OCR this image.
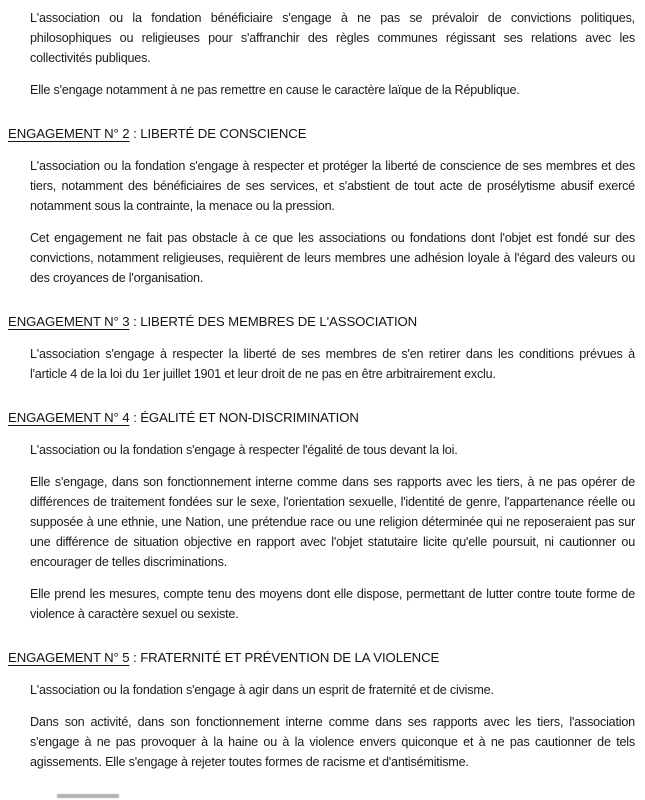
L'association ou la fondation bénéficiaire s'engage à ne pas se prévaloir de convictions politiques, philosophiques ou religieuses pour s'affranchir des règles communes régissant ses relations avec les collectivités publiques.

Elle s'engage notamment à ne pas remettre en cause le caractère laïque de la République.

ENGAGEMENT N° 2 : LIBERTÉ DE CONSCIENCE

L'association ou la fondation s'engage à respecter et protéger la liberté de conscience de ses membres et des tiers, notamment des bénéficiaires de ses services, et s'abstient de tout acte de prosélytisme abusif exercé notamment sous la contrainte, la menace ou la pression.

Cet engagement ne fait pas obstacle à ce que les associations ou fondations dont l'objet est fondé sur des convictions, notamment religieuses, requièrent de leurs membres une adhésion loyale à l'égard des valeurs ou des croyances de l'organisation.

ENGAGEMENT N° 3 : LIBERTÉ DES MEMBRES DE L'ASSOCIATION

L'association s'engage à respecter la liberté de ses membres de s'en retirer dans les conditions prévues à l'article 4 de la loi du 1er juillet 1901 et leur droit de ne pas en être arbitrairement exclu.

ENGAGEMENT N° 4 : ÉGALITÉ ET NON-DISCRIMINATION

L'association ou la fondation s'engage à respecter l'égalité de tous devant la loi.

Elle s'engage, dans son fonctionnement interne comme dans ses rapports avec les tiers, à ne pas opérer de différences de traitement fondées sur le sexe, l'orientation sexuelle, l'identité de genre, l'appartenance réelle ou supposée à une ethnie, une Nation, une prétendue race ou une religion déterminée qui ne reposeraient pas sur une différence de situation objective en rapport avec l'objet statutaire licite qu'elle poursuit, ni cautionner ou encourager de telles discriminations.

Elle prend les mesures, compte tenu des moyens dont elle dispose, permettant de lutter contre toute forme de violence à caractère sexuel ou sexiste.

ENGAGEMENT N° 5 : FRATERNITÉ ET PRÉVENTION DE LA VIOLENCE

L'association ou la fondation s'engage à agir dans un esprit de fraternité et de civisme.

Dans son activité, dans son fonctionnement interne comme dans ses rapports avec les tiers, l'association s'engage à ne pas provoquer à la haine ou à la violence envers quiconque et à ne pas cautionner de tels agissements. Elle s'engage à rejeter toutes formes de racisme et d'antisémitisme.
